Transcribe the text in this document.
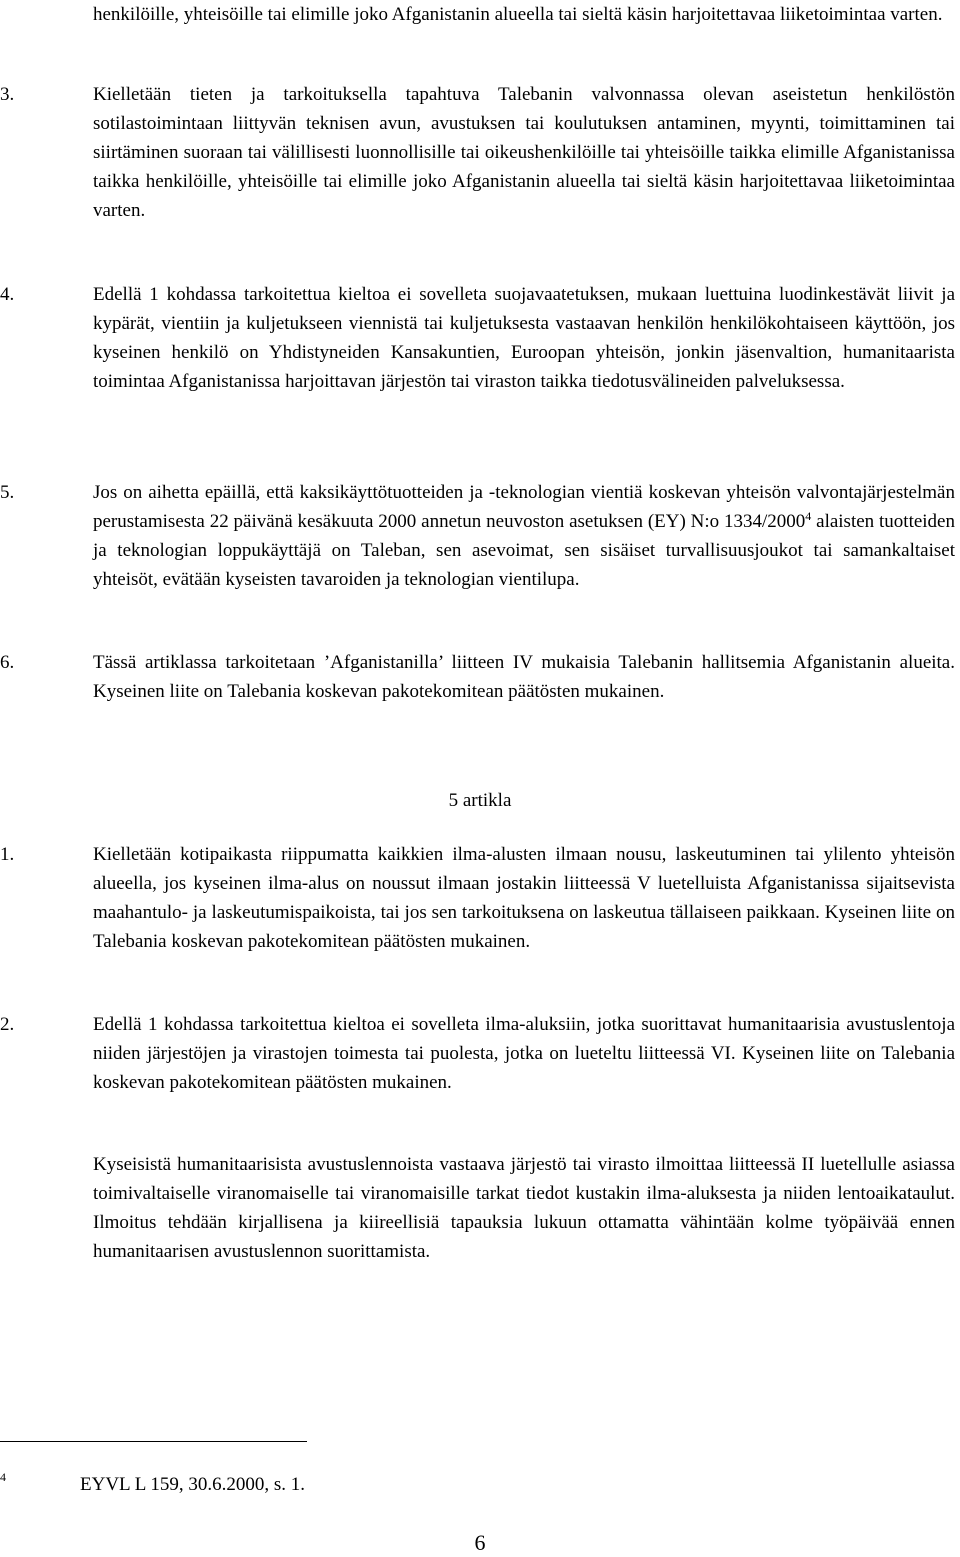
henkilöille, yhteisöille tai elimille joko Afganistanin alueella tai sieltä käsin harjoitettavaa liiketoimintaa varten.

3.	Kielletään tieten ja tarkoituksella tapahtuva Talebanin valvonnassa olevan aseistetun henkilöstön sotilastoimintaan liittyvän teknisen avun, avustuksen tai koulutuksen antaminen, myynti, toimittaminen tai siirtäminen suoraan tai välillisesti luonnollisille tai oikeushenkilöille tai yhteisöille taikka elimille Afganistanissa taikka henkilöille, yhteisöille tai elimille joko Afganistanin alueella tai sieltä käsin harjoitettavaa liiketoimintaa varten.

4.	Edellä 1 kohdassa tarkoitettua kieltoa ei sovelleta suojavaatetuksen, mukaan luettuina luodinkestävät liivit ja kypärät, vientiin ja kuljetukseen viennistä tai kuljetuksesta vastaavan henkilön henkilökohtaiseen käyttöön, jos kyseinen henkilö on Yhdistyneiden Kansakuntien, Euroopan yhteisön, jonkin jäsenvaltion, humanitaarista toimintaa Afganistanissa harjoittavan järjestön tai viraston taikka tiedotusvälineiden palveluksessa.

5.	Jos on aihetta epäillä, että kaksikäyttötuotteiden ja -teknologian vientiä koskevan yhteisön valvontajärjestelmän perustamisesta 22 päivänä kesäkuuta 2000 annetun neuvoston asetuksen (EY) N:o 1334/2000$^4$ alaisten tuotteiden ja teknologian loppukäyttäjä on Taleban, sen asevoimat, sen sisäiset turvallisuusjoukot tai samankaltaiset yhteisöt, evätään kyseisten tavaroiden ja teknologian vientilupa.

6.	Tässä artiklassa tarkoitetaan ’Afganistanilla’ liitteen IV mukaisia Talebanin hallitsemia Afganistanin alueita. Kyseinen liite on Talebania koskevan pakotekomitean päätösten mukainen.

5 artikla

1.	Kielletään kotipaikasta riippumatta kaikkien ilma-alusten ilmaan nousu, laskeutuminen tai ylilento yhteisön alueella, jos kyseinen ilma-alus on noussut ilmaan jostakin liitteessä V luetelluista Afganistanissa sijaitsevista maahantulo- ja laskeutumispaikoista, tai jos sen tarkoituksena on laskeutua tällaiseen paikkaan. Kyseinen liite on Talebania koskevan pakotekomitean päätösten mukainen.

2.	Edellä 1 kohdassa tarkoitettua kieltoa ei sovelleta ilma-aluksiin, jotka suorittavat humanitaarisia avustuslentoja niiden järjestöjen ja virastojen toimesta tai puolesta, jotka on lueteltu liitteessä VI. Kyseinen liite on Talebania koskevan pakotekomitean päätösten mukainen.

Kyseisistä humanitaarisista avustuslennoista vastaava järjestö tai virasto ilmoittaa liitteessä II luetellulle asiassa toimivaltaiselle viranomaiselle tai viranomaisille tarkat tiedot kustakin ilma-aluksesta ja niiden lentoaikataulut. Ilmoitus tehdään kirjallisena ja kiireellisiä tapauksia lukuun ottamatta vähintään kolme työpäivää ennen humanitaarisen avustuslennon suorittamista.

4	EYVL L 159, 30.6.2000, s. 1.
6
